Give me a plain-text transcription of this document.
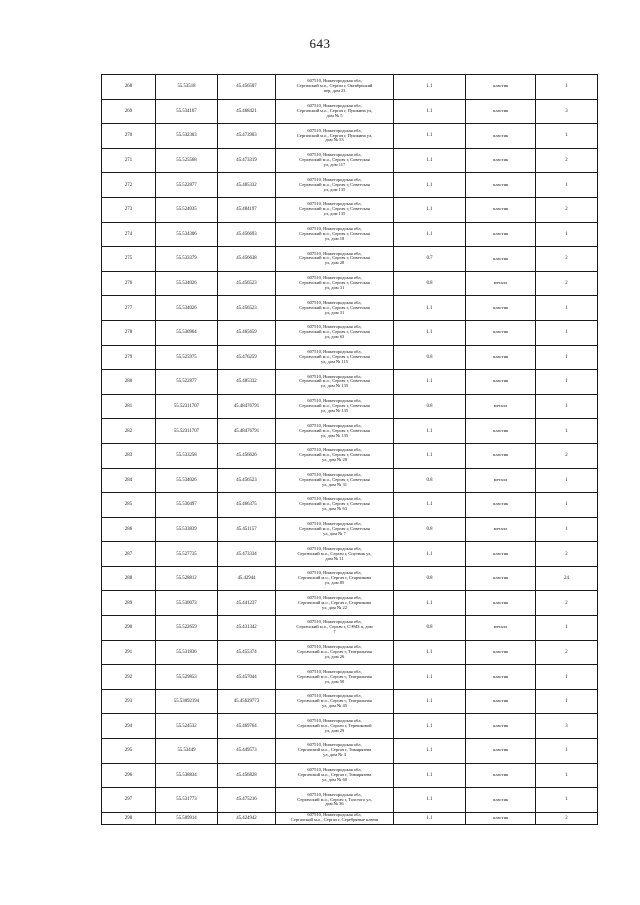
643
268	55.53518	45.456507	607510, Нижегородская обл,
Сергачский м.о., Сергач г, Октябрьский
пер, дом 23	1.1	пластик	1
269	55.534107	45.468421	607510, Нижегородская обл,
Сергачский м.о., Сергач г, Пушкина ул,
дом № 5	1.1	пластик	3
270	55.532303	45.473903	607510, Нижегородская обл,
Сергачский м.о., Сергач г, Пушкина ул,
дом № 53	1.1	пластик	1
271	55.525568	45.473319	607510, Нижегородская обл,
Сергачский м.о., Сергач г, Советская
ул, дом 117	1.1	пластик	2
272	55.522877	45.485332	607510, Нижегородская обл,
Сергачский м.о., Сергач г, Советская
ул, дом 135	1.1	пластик	1
273	55.524035	45.484197	607510, Нижегородская обл,
Сергачский м.о., Сергач г, Советская
ул, дом 135	1.1	пластик	2
274	55.534306	45.456693	607510, Нижегородская обл,
Сергачский м.о., Сергач г, Советская
ул, дом 18	1.1	пластик	1
275	55.533379	45.456638	607510, Нижегородская обл,
Сергачский м.о., Сергач г, Советская
ул, дом 28	0.7	пластик	2
276	55.534026	45.456523	607510, Нижегородская обл,
Сергачский м.о., Сергач г, Советская
ул, дом 31	0.8	металл	2
277	55.534026	45.456523	607510, Нижегородская обл,
Сергачский м.о., Сергач г, Советская
ул, дом 31	1.1	пластик	1
278	55.530964	45.465659	607510, Нижегородская обл,
Сергачский м.о., Сергач г, Советская
ул, дом 63	1.1	пластик	1
279	55.525975	45.476259	607510, Нижегородская обл,
Сергачский м.о., Сергач г, Советская
ул, дом № 115	0.8	пластик	1
280	55.522877	45.485332	607510, Нижегородская обл,
Сергачский м.о., Сергач г, Советская
ул, дом № 135	1.1	пластик	1
281	55.52311707	45.48476791	607510, Нижегородская обл,
Сергачский м.о., Сергач г, Советская
ул, дом № 135	0.8	металл	1
282	55.52311707	45.48476791	607510, Нижегородская обл,
Сергачский м.о., Сергач г, Советская
ул, дом № 135	1.1	пластик	1
283	55.533258	45.456626	607510, Нижегородская обл,
Сергачский м.о., Сергач г, Советская
ул, дом № 28	1.1	пластик	2
284	55.534026	45.456523	607510, Нижегородская обл,
Сергачский м.о., Сергач г, Советская
ул, дом № 31	0.8	металл	1
285	55.530497	45.466375	607510, Нижегородская обл,
Сергачский м.о., Сергач г, Советская
ул, дом № 63	1.1	пластик	1
286	55.533839	45.451157	607510, Нижегородская обл,
Сергачский м.о., Сергач г, Советская
ул, дом № 7	0.8	металл	1
287	55.527735	45.473334	607510, Нижегородская обл,
Сергачский м.о., Сергач г, Спутник ул,
дом № 11	1.1	пластик	2
288	55.528812	45.42944	607510, Нижегородская обл,
Сергачский м.о., Сергач г, Старчикова
ул, дом 85	0.8	пластик	24
289	55.530073	45.441237	607510, Нижегородская обл,
Сергачский м.о., Сергач г, Старчикова
ул, дом № 22	1.1	пластик	2
290	55.522659	45.431342	607510, Нижегородская обл,
Сергачский м.о., Сергач г, СЭМЗ п, дом
7	0.8	металл	1
291	55.531836	45.455374	607510, Нижегородская обл,
Сергачский м.о., Сергач г, Театральная
ул, дом 26	1.1	пластик	2
292	55.529853	45.457044	607510, Нижегородская обл,
Сергачский м.о., Сергач г, Театральная
ул, дом 50	1.1	пластик	1
293	55.53092194	45.45629773	607510, Нижегородская обл,
Сергачский м.о., Сергач г, Театральная
ул, дом № 45	1.1	пластик	1
294	55.524532	45.469764	607510, Нижегородская обл,
Сергачский м.о., Сергач г, Терешковой
ул, дом 29	1.1	пластик	3
295	55.53449	45.449573	607510, Нижегородская обл,
Сергачский м.о., Сергач г, Тимирязева
ул, дом № 4	1.1	пластик	1
296	55.538834	45.456828	607510, Нижегородская обл,
Сергачский м.о., Сергач г, Тимирязева
ул, дом № 60	1.1	пластик	1
297	55.531773	45.475216	607510, Нижегородская обл,
Сергачский м.о., Сергач г, Толстого ул,
дом № 36	1.1	пластик	1
298	55.509914	45.424942	607510, Нижегородская обл,
Сергачский м.о., Сергач г, Серебряные ключи	1.1	пластик	2
